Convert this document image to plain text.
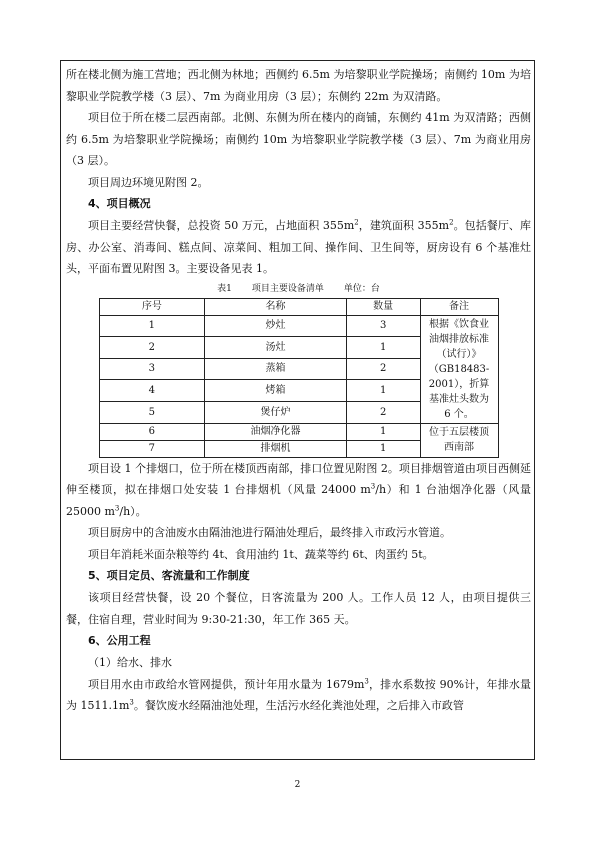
所在楼北侧为施工营地；西北侧为林地；西侧约 6.5m 为培黎职业学院操场；南侧约 10m 为培黎职业学院教学楼（3 层）、7m 为商业用房（3 层）；东侧约 22m 为双清路。

项目位于所在楼二层西南部。北侧、东侧为所在楼内的商铺，东侧约 41m 为双清路；西侧约 6.5m 为培黎职业学院操场；南侧约 10m 为培黎职业学院教学楼（3 层）、7m 为商业用房（3 层）。

项目周边环境见附图 2。

4、项目概况

项目主要经营快餐，总投资 50 万元，占地面积 $355m^2$，建筑面积 $355m^2$。包括餐厅、库房、办公室、消毒间、糕点间、凉菜间、粗加工间、操作间、卫生间等，厨房设有 6 个基准灶头，平面布置见附图 3。主要设备见表 1。

表1 项目主要设备清单 单位：台
序号	名称	数量	备注
1	炒灶	3	根据《饮食业油烟排放标准（试行）》（GB18483-2001），折算基准灶头数为 6 个。
2	汤灶	1	
3	蒸箱	2	
4	烤箱	1	
5	煲仔炉	2	
6	油烟净化器	1	位于五层楼顶西南部
7	排烟机	1	

项目设 1 个排烟口，位于所在楼顶西南部，排口位置见附图 2。项目排烟管道由项目西侧延伸至楼顶，拟在排烟口处安装 1 台排烟机（风量 24000 $m^3/h$）和 1 台油烟净化器（风量 25000 $m^3/h$）。

项目厨房中的含油废水由隔油池进行隔油处理后，最终排入市政污水管道。

项目年消耗米面杂粮等约 4t、食用油约 1t、蔬菜等约 6t、肉蛋约 5t。

5、项目定员、客流量和工作制度

该项目经营快餐，设 20 个餐位，日客流量为 200 人。工作人员 12 人，由项目提供三餐，住宿自理，营业时间为 9:30-21:30，年工作 365 天。

6、公用工程

（1）给水、排水

项目用水由市政给水管网提供，预计年用水量为 $1679m^3$，排水系数按 90%计，年排水量为 $1511.1m^3$。餐饮废水经隔油池处理，生活污水经化粪池处理，之后排入市政管

2
